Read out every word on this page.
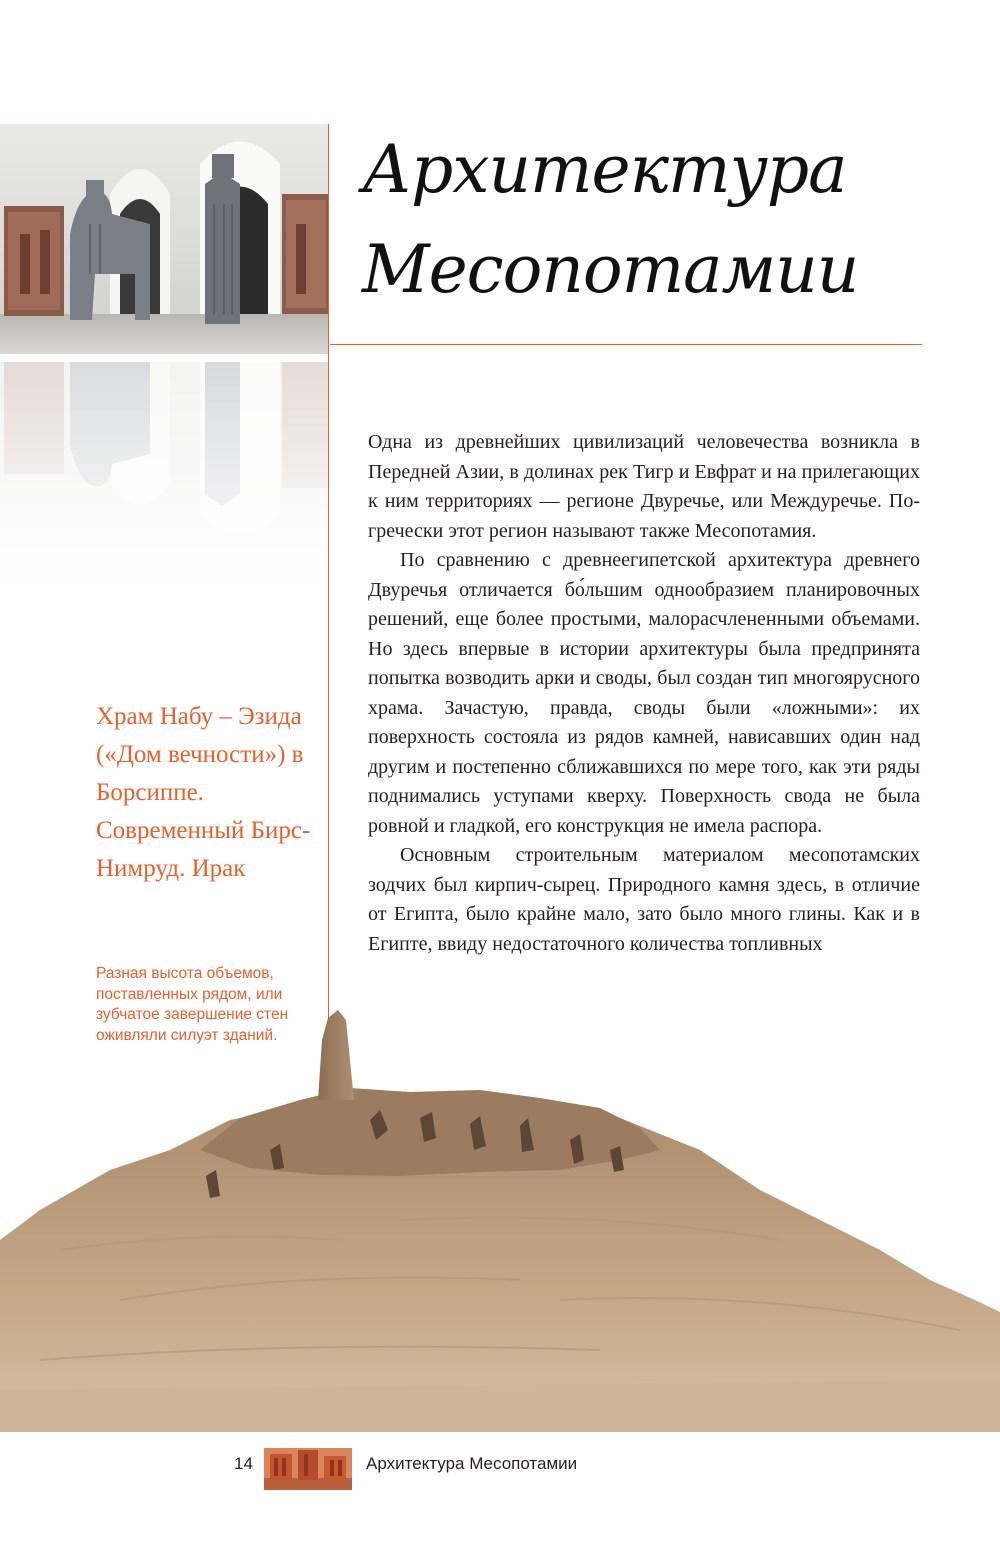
Архитектура
Месопотамии

Одна из древнейших цивилизаций человечества возникла в Передней Азии, в долинах рек Тигр и Евфрат и на прилегающих к ним территориях — регионе Двуречье, или Междуречье. По-гречески этот регион называют также Месопотамия.

По сравнению с древнеегипетской архитектура древнего Двуречья отличается бо́льшим однообразием планировочных решений, еще более простыми, малорасчлененными объемами. Но здесь впервые в истории архитектуры была предпринята попытка возводить арки и своды, был создан тип многоярусного храма. Зачастую, правда, своды были «ложными»: их поверхность состояла из рядов камней, нависавших один над другим и постепенно сближавшихся по мере того, как эти ряды поднимались уступами кверху. Поверхность свода не была ровной и гладкой, его конструкция не имела распора.

Основным строительным материалом месопотамских зодчих был кирпич-сырец. Природного камня здесь, в отличие от Египта, было крайне мало, зато было много глины. Как и в Египте, ввиду недостаточного количества топливных

Храм Набу – Эзида («Дом вечности») в Борсиппе. Современный Бирс-Нимруд. Ирак
Разная высота объемов, поставленных рядом, или зубчатое завершение стен оживляли силуэт зданий.
14	Архитектура Месопотамии
